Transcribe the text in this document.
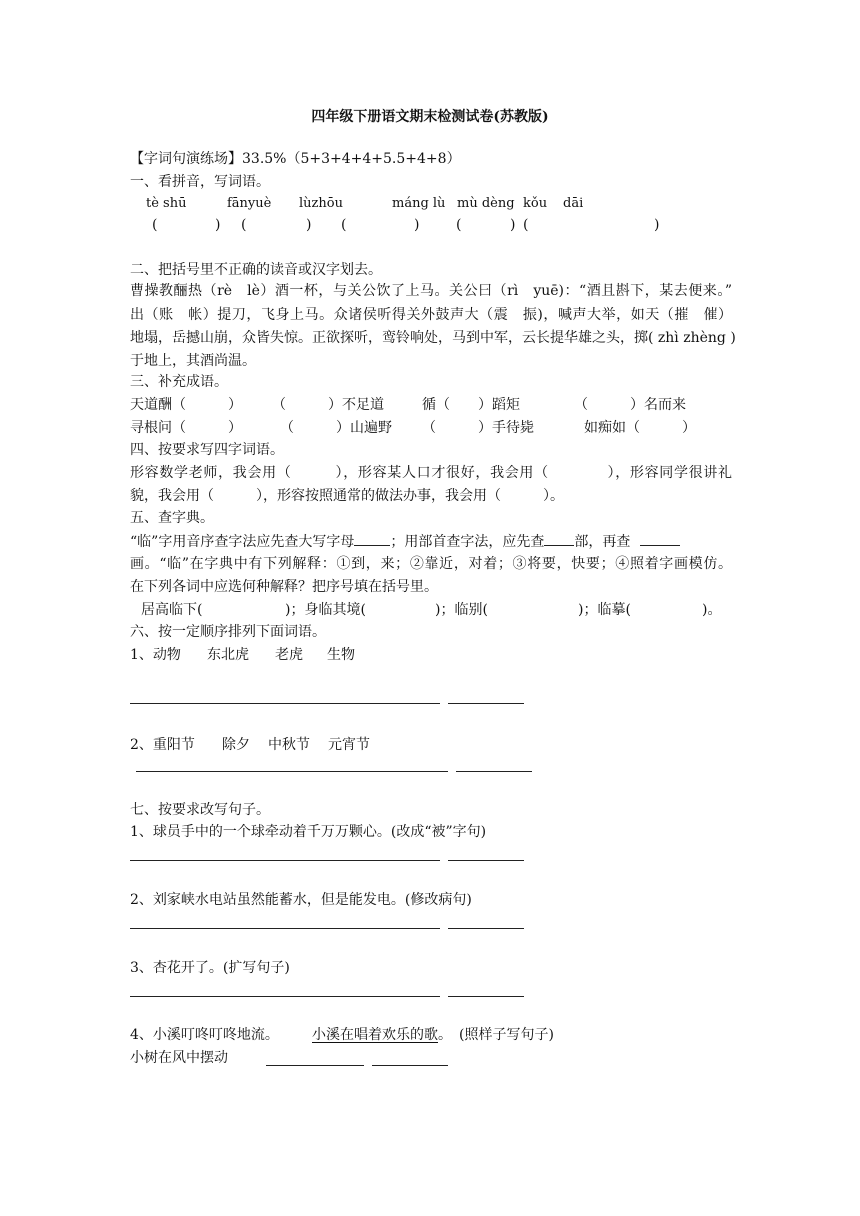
四年级下册语文期末检测试卷(苏教版)
【字词句演练场】33.5%（5+3+4+4+5.5+4+8）
一、看拼音，写词语。
tè shū	fānyuè lùzhōu	máng lù mù dèng kǒu dāi
(	) (	) (	)	(	) (	)
二、把括号里不正确的读音或汉字划去。
曹操教酾热（rè　lè）酒一杯，与关公饮了上马。关公曰（rì　yuē)：“酒且斟下，某去便来。”
出（账　帐）提刀，飞身上马。众诸侯听得关外鼓声大（震　振)，喊声大举，如天（摧　催）
地塌，岳撼山崩，众皆失惊。正欲探听，鸾铃响处，马到中军，云长提华雄之头，掷( zhì zhèng )
于地上，其酒尚温。
三、补充成语。
天道酬（　　　） （　　　）不足道	循（　　）蹈矩	（　　　）名而来
寻根问（　　　）	（　　　）山遍野 （　　　）手待毙	如痴如（　　　）
四、按要求写四字词语。
形容数学老师，我会用（　　　），形容某人口才很好，我会用（　　　　），形容同学很讲礼
貌，我会用（　　　），形容按照通常的做法办事，我会用（　　　）。
五、查字典。
“临”字用音序查字法应先查大写字母	；用部首查字法，应先查 部，再查
画。“临”在字典中有下列解释：①到，来；②靠近，对着；③将要，快要；④照着字画模仿。
在下列各词中应选何种解释？把序号填在括号里。
居高临下(	)；身临其境(	)；临别(	)；临摹(	)。
六、按一定顺序排列下面词语。
1、动物 东北虎 老虎 生物
2、重阳节 除夕 中秋节 元宵节
七、按要求改写句子。
1、球员手中的一个球牵动着千万万颗心。(改成“被”字句)
2、刘家峡水电站虽然能蓄水，但是能发电。(修改病句)
3、杏花开了。(扩写句子)
4、小溪叮咚叮咚地流。 小溪在唱着欢乐的歌。　(照样子写句子)
小树在风中摆动
